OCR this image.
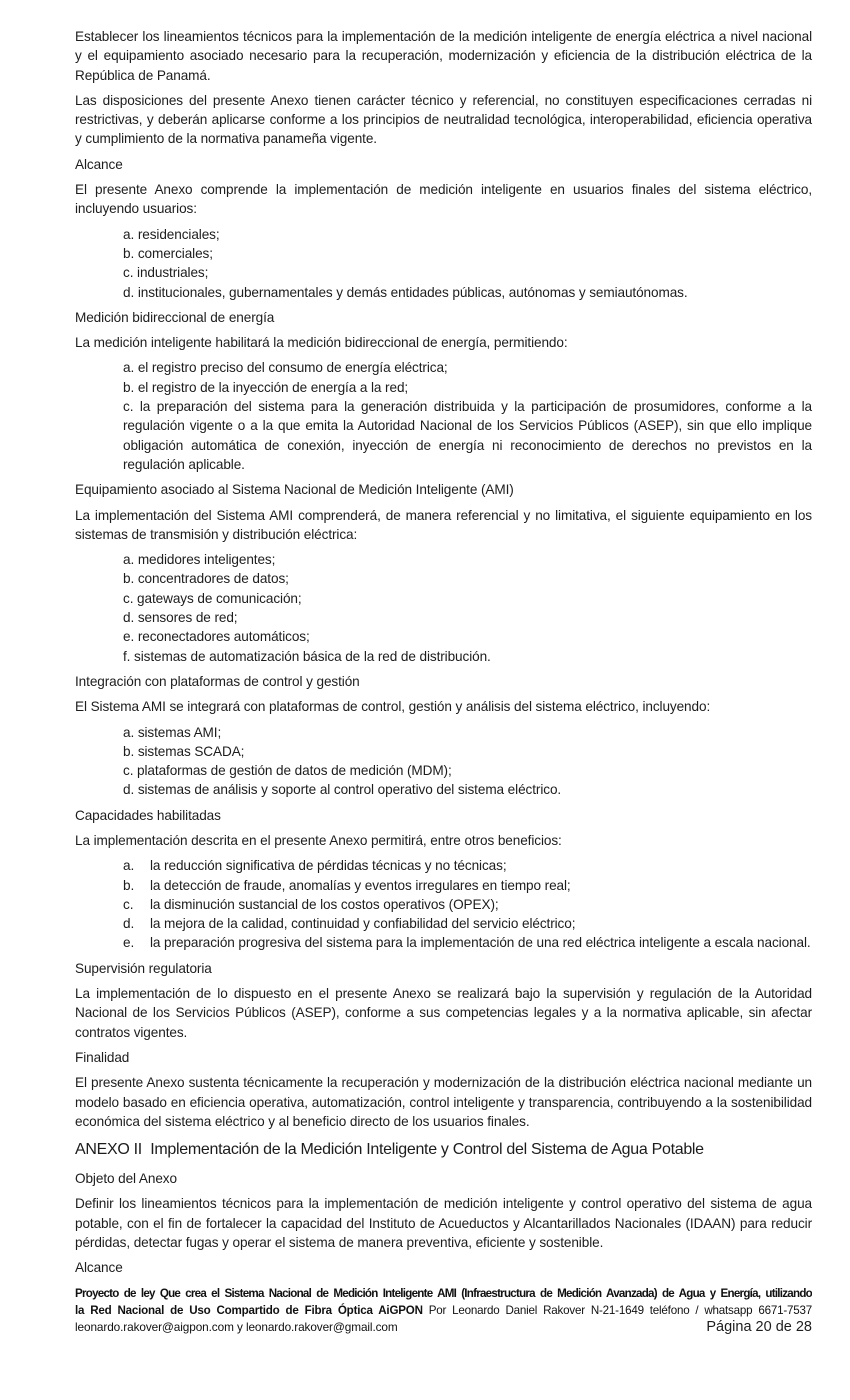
Establecer los lineamientos técnicos para la implementación de la medición inteligente de energía eléctrica a nivel nacional y el equipamiento asociado necesario para la recuperación, modernización y eficiencia de la distribución eléctrica de la República de Panamá.

Las disposiciones del presente Anexo tienen carácter técnico y referencial, no constituyen especificaciones cerradas ni restrictivas, y deberán aplicarse conforme a los principios de neutralidad tecnológica, interoperabilidad, eficiencia operativa y cumplimiento de la normativa panameña vigente.

Alcance

El presente Anexo comprende la implementación de medición inteligente en usuarios finales del sistema eléctrico, incluyendo usuarios:

a. residenciales;

b. comerciales;

c. industriales;

d. institucionales, gubernamentales y demás entidades públicas, autónomas y semiautónomas.

Medición bidireccional de energía

La medición inteligente habilitará la medición bidireccional de energía, permitiendo:

a. el registro preciso del consumo de energía eléctrica;

b. el registro de la inyección de energía a la red;

c. la preparación del sistema para la generación distribuida y la participación de prosumidores, conforme a la regulación vigente o a la que emita la Autoridad Nacional de los Servicios Públicos (ASEP), sin que ello implique obligación automática de conexión, inyección de energía ni reconocimiento de derechos no previstos en la regulación aplicable.

Equipamiento asociado al Sistema Nacional de Medición Inteligente (AMI)

La implementación del Sistema AMI comprenderá, de manera referencial y no limitativa, el siguiente equipamiento en los sistemas de transmisión y distribución eléctrica:

a. medidores inteligentes;

b. concentradores de datos;

c. gateways de comunicación;

d. sensores de red;

e. reconectadores automáticos;

f. sistemas de automatización básica de la red de distribución.

Integración con plataformas de control y gestión

El Sistema AMI se integrará con plataformas de control, gestión y análisis del sistema eléctrico, incluyendo:

a. sistemas AMI;

b. sistemas SCADA;

c. plataformas de gestión de datos de medición (MDM);

d. sistemas de análisis y soporte al control operativo del sistema eléctrico.

Capacidades habilitadas

La implementación descrita en el presente Anexo permitirá, entre otros beneficios:

a.	la reducción significativa de pérdidas técnicas y no técnicas;
b.	la detección de fraude, anomalías y eventos irregulares en tiempo real;
c.	la disminución sustancial de los costos operativos (OPEX);
d.	la mejora de la calidad, continuidad y confiabilidad del servicio eléctrico;
e.	la preparación progresiva del sistema para la implementación de una red eléctrica inteligente a escala nacional.

Supervisión regulatoria

La implementación de lo dispuesto en el presente Anexo se realizará bajo la supervisión y regulación de la Autoridad Nacional de los Servicios Públicos (ASEP), conforme a sus competencias legales y a la normativa aplicable, sin afectar contratos vigentes.

Finalidad

El presente Anexo sustenta técnicamente la recuperación y modernización de la distribución eléctrica nacional mediante un modelo basado en eficiencia operativa, automatización, control inteligente y transparencia, contribuyendo a la sostenibilidad económica del sistema eléctrico y al beneficio directo de los usuarios finales.

ANEXO II  Implementación de la Medición Inteligente y Control del Sistema de Agua Potable

Objeto del Anexo

Definir los lineamientos técnicos para la implementación de medición inteligente y control operativo del sistema de agua potable, con el fin de fortalecer la capacidad del Instituto de Acueductos y Alcantarillados Nacionales (IDAAN) para reducir pérdidas, detectar fugas y operar el sistema de manera preventiva, eficiente y sostenible.

Alcance

Proyecto de ley Que crea el Sistema Nacional de Medición Inteligente AMI (Infraestructura de Medición Avanzada) de Agua y Energía, utilizando
la Red Nacional de Uso Compartido de Fibra Óptica AiGPON Por Leonardo Daniel Rakover N-21-1649 teléfono / whatsapp 6671-7537
leonardo.rakover@aigpon.com y leonardo.rakover@gmail.com	Página 20 de 28
